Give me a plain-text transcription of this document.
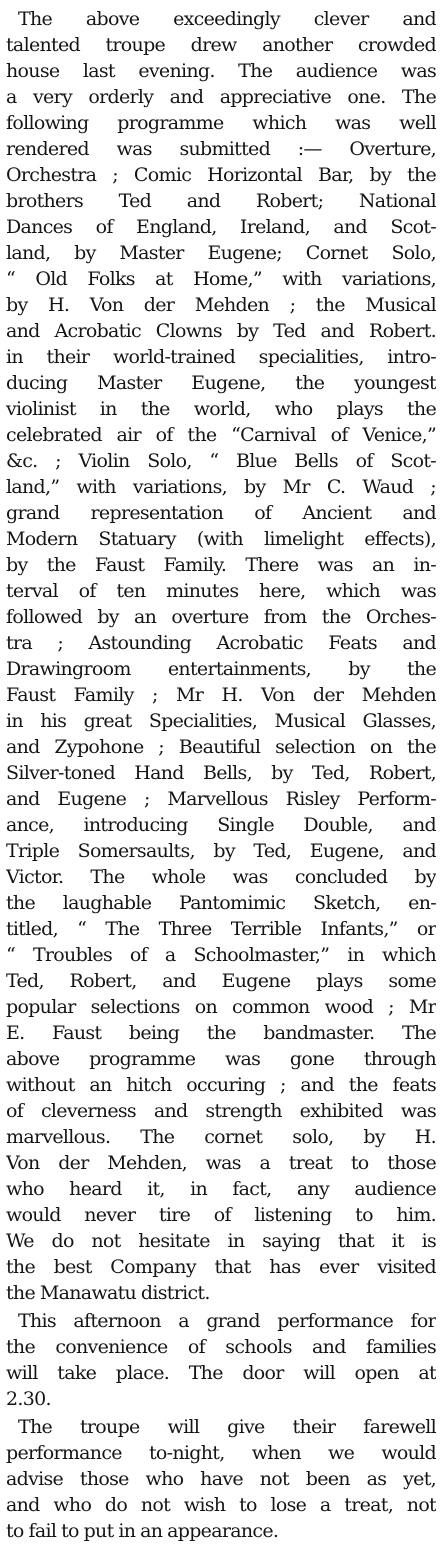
The above exceedingly clever and
talented troupe drew another crowded
house last evening. The audience was
a very orderly and appreciative one. The
following programme which was well
rendered was submitted :— Overture,
Orchestra ; Comic Horizontal Bar, by the
brothers Ted and Robert; National
Dances of England, Ireland, and Scot-
land, by Master Eugene; Cornet Solo,
“ Old Folks at Home,” with variations,
by H. Von der Mehden ; the Musical
and Acrobatic Clowns by Ted and Robert.
in their world-trained specialities, intro-
ducing Master Eugene, the youngest
violinist in the world, who plays the
celebrated air of the “Carnival of Venice,”
&c. ; Violin Solo, “ Blue Bells of Scot-
land,” with variations, by Mr C. Waud ;
grand representation of Ancient and
Modern Statuary (with limelight effects),
by the Faust Family. There was an in-
terval of ten minutes here, which was
followed by an overture from the Orches-
tra ; Astounding Acrobatic Feats and
Drawingroom entertainments, by the
Faust Family ; Mr H. Von der Mehden
in his great Specialities, Musical Glasses,
and Zypohone ; Beautiful selection on the
Silver-toned Hand Bells, by Ted, Robert,
and Eugene ; Marvellous Risley Perform-
ance, introducing Single Double, and
Triple Somersaults, by Ted, Eugene, and
Victor. The whole was concluded by
the laughable Pantomimic Sketch, en-
titled, “ The Three Terrible Infants,” or
“ Troubles of a Schoolmaster,” in which
Ted, Robert, and Eugene plays some
popular selections on common wood ; Mr
E. Faust being the bandmaster. The
above programme was gone through
without an hitch occuring ; and the feats
of cleverness and strength exhibited was
marvellous. The cornet solo, by H.
Von der Mehden, was a treat to those
who heard it, in fact, any audience
would never tire of listening to him.
We do not hesitate in saying that it is
the best Company that has ever visited
the Manawatu district.
This afternoon a grand performance for
the convenience of schools and families
will take place. The door will open at
2.30.
The troupe will give their farewell
performance to-night, when we would
advise those who have not been as yet,
and who do not wish to lose a treat, not
to fail to put in an appearance.
